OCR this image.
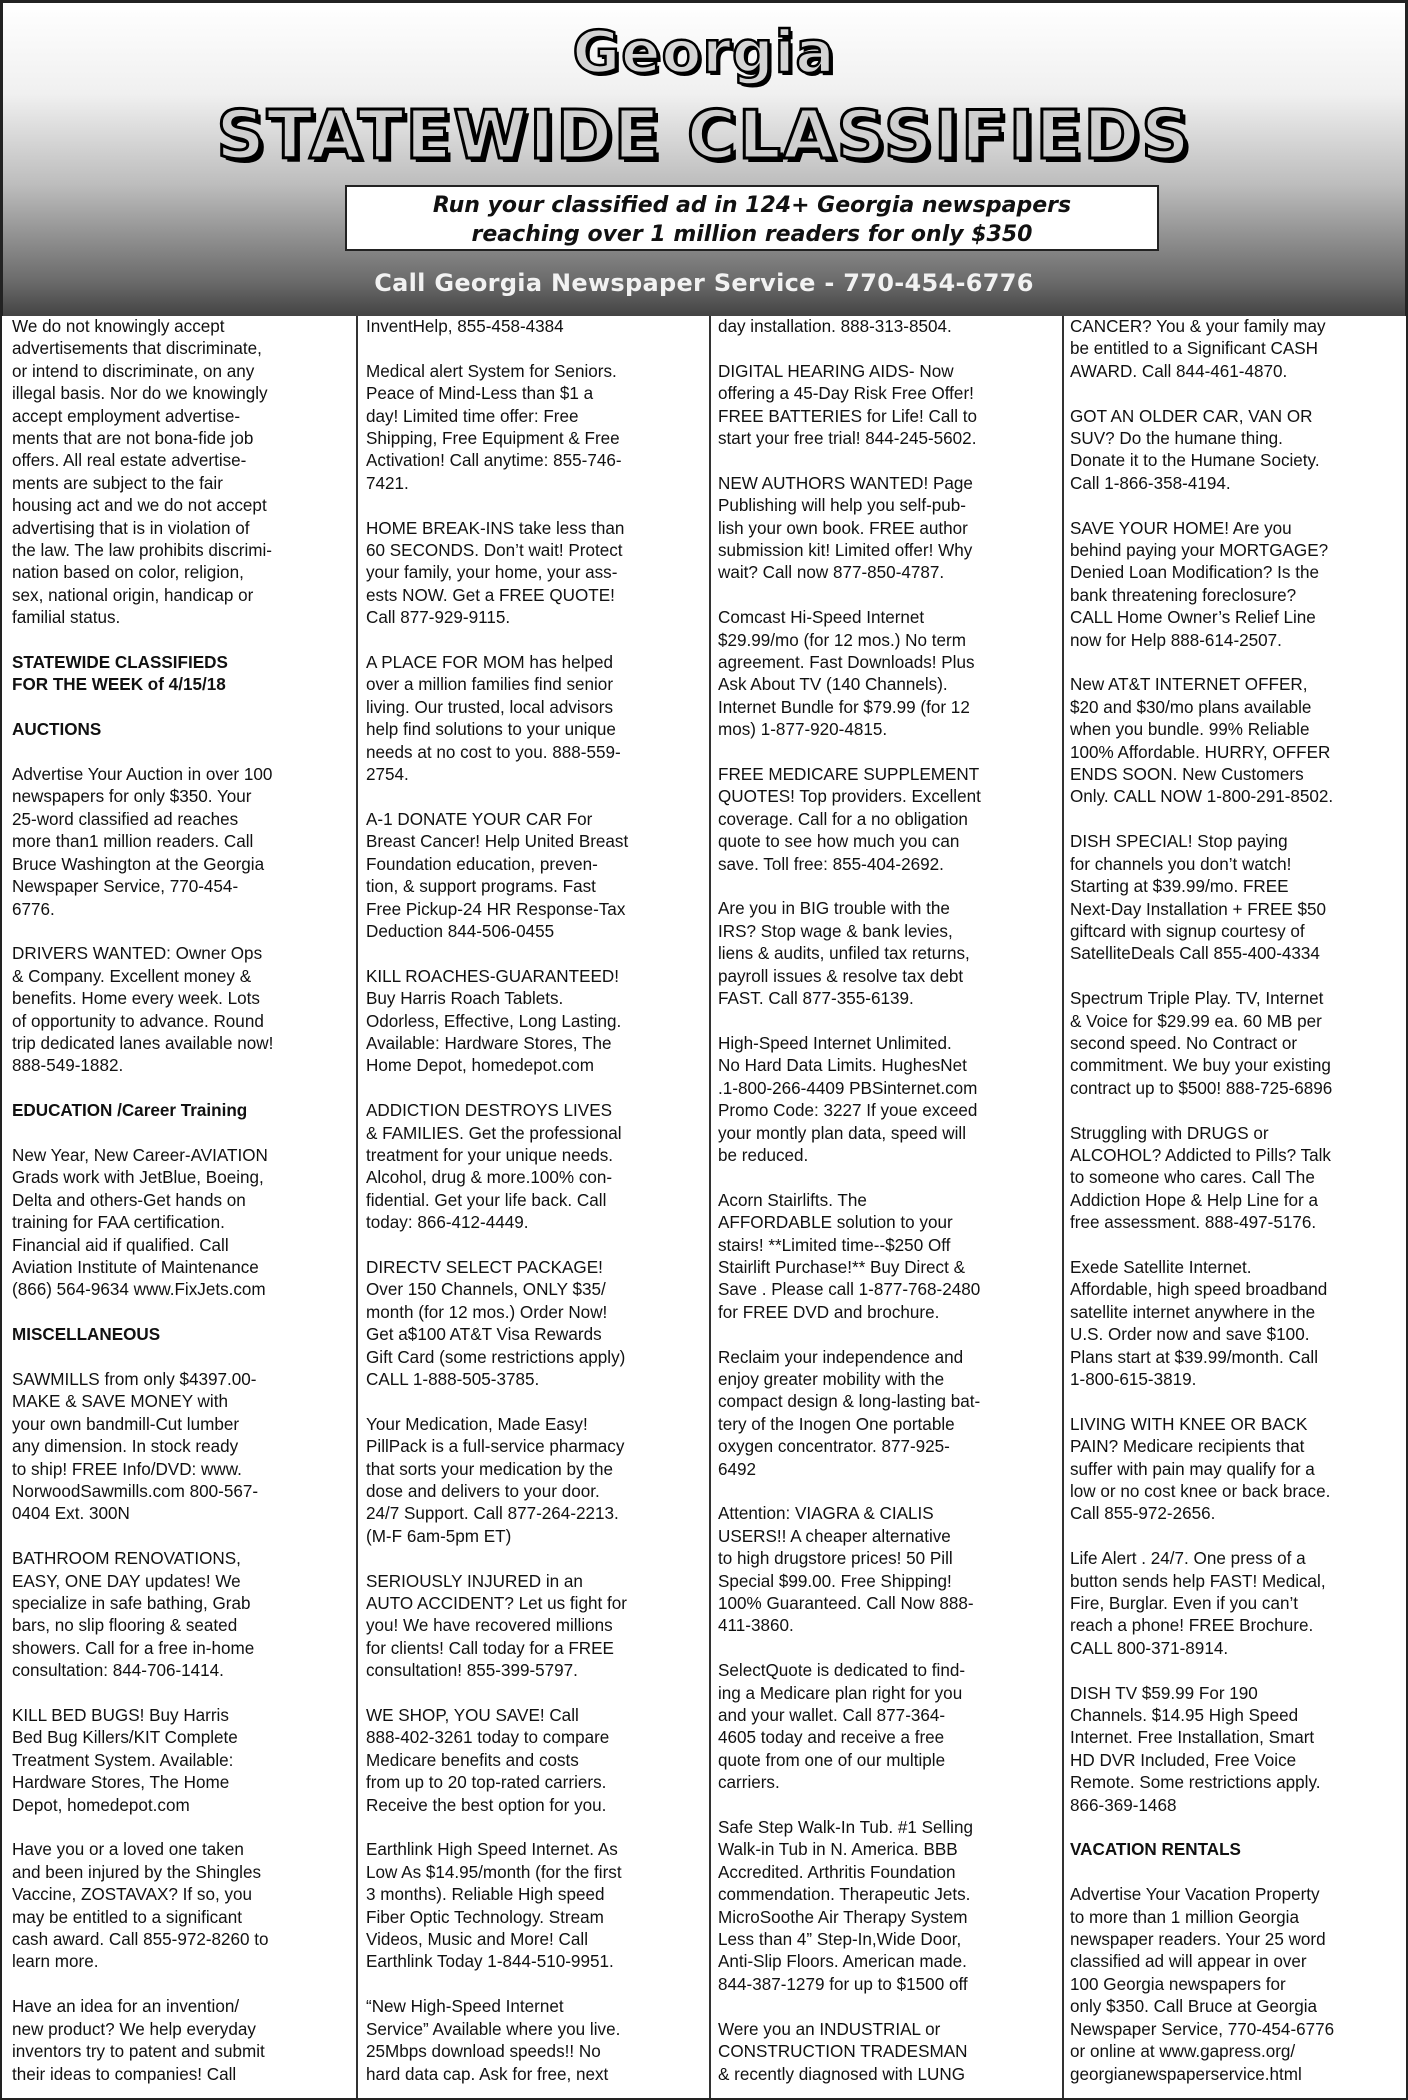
Georgia
STATEWIDE CLASSIFIEDS
Run your classified ad in 124+ Georgia newspapers
reaching over 1 million readers for only $350
Call Georgia Newspaper Service - 770-454-6776

We do not knowingly accept
advertisements that discriminate,
or intend to discriminate, on any
illegal basis. Nor do we knowingly
accept employment advertise-
ments that are not bona-fide job
offers. All real estate advertise-
ments are subject to the fair
housing act and we do not accept
advertising that is in violation of
the law. The law prohibits discrimi-
nation based on color, religion,
sex, national origin, handicap or
familial status.

STATEWIDE CLASSIFIEDS
FOR THE WEEK of 4/15/18

AUCTIONS

Advertise Your Auction in over 100
newspapers for only $350. Your
25-word classified ad reaches
more than1 million readers. Call
Bruce Washington at the Georgia
Newspaper Service, 770-454-
6776.

DRIVERS WANTED: Owner Ops
& Company. Excellent money &
benefits. Home every week. Lots
of opportunity to advance. Round
trip dedicated lanes available now!
888-549-1882.

EDUCATION /Career Training

New Year, New Career-AVIATION
Grads work with JetBlue, Boeing,
Delta and others-Get hands on
training for FAA certification.
Financial aid if qualified. Call
Aviation Institute of Maintenance
(866) 564-9634 www.FixJets.com

MISCELLANEOUS

SAWMILLS from only $4397.00-
MAKE & SAVE MONEY with
your own bandmill-Cut lumber
any dimension. In stock ready
to ship! FREE Info/DVD: www.
NorwoodSawmills.com 800-567-
0404 Ext. 300N

BATHROOM RENOVATIONS,
EASY, ONE DAY updates! We
specialize in safe bathing, Grab
bars, no slip flooring & seated
showers. Call for a free in-home
consultation: 844-706-1414.

KILL BED BUGS! Buy Harris
Bed Bug Killers/KIT Complete
Treatment System. Available:
Hardware Stores, The Home
Depot, homedepot.com

Have you or a loved one taken
and been injured by the Shingles
Vaccine, ZOSTAVAX? If so, you
may be entitled to a significant
cash award. Call 855-972-8260 to
learn more.

Have an idea for an invention/
new product? We help everyday
inventors try to patent and submit
their ideas to companies! Call

InventHelp, 855-458-4384

Medical alert System for Seniors.
Peace of Mind-Less than $1 a
day! Limited time offer: Free
Shipping, Free Equipment & Free
Activation! Call anytime: 855-746-
7421.

HOME BREAK-INS take less than
60 SECONDS. Don’t wait! Protect
your family, your home, your ass-
ests NOW. Get a FREE QUOTE!
Call 877-929-9115.

A PLACE FOR MOM has helped
over a million families find senior
living. Our trusted, local advisors
help find solutions to your unique
needs at no cost to you. 888-559-
2754.

A-1 DONATE YOUR CAR For
Breast Cancer! Help United Breast
Foundation education, preven-
tion, & support programs. Fast
Free Pickup-24 HR Response-Tax
Deduction 844-506-0455

KILL ROACHES-GUARANTEED!
Buy Harris Roach Tablets.
Odorless, Effective, Long Lasting.
Available: Hardware Stores, The
Home Depot, homedepot.com

ADDICTION DESTROYS LIVES
& FAMILIES. Get the professional
treatment for your unique needs.
Alcohol, drug & more.100% con-
fidential. Get your life back. Call
today: 866-412-4449.

DIRECTV SELECT PACKAGE!
Over 150 Channels, ONLY $35/
month (for 12 mos.) Order Now!
Get a$100 AT&T Visa Rewards
Gift Card (some restrictions apply)
CALL 1-888-505-3785.

Your Medication, Made Easy!
PillPack is a full-service pharmacy
that sorts your medication by the
dose and delivers to your door.
24/7 Support. Call 877-264-2213.
(M-F 6am-5pm ET)

SERIOUSLY INJURED in an
AUTO ACCIDENT? Let us fight for
you! We have recovered millions
for clients! Call today for a FREE
consultation! 855-399-5797.

WE SHOP, YOU SAVE! Call
888-402-3261 today to compare
Medicare benefits and costs
from up to 20 top-rated carriers.
Receive the best option for you.

Earthlink High Speed Internet. As
Low As $14.95/month (for the first
3 months). Reliable High speed
Fiber Optic Technology. Stream
Videos, Music and More! Call
Earthlink Today 1-844-510-9951.

“New High-Speed Internet
Service” Available where you live.
25Mbps download speeds!! No
hard data cap. Ask for free, next

day installation. 888-313-8504.

DIGITAL HEARING AIDS- Now
offering a 45-Day Risk Free Offer!
FREE BATTERIES for Life! Call to
start your free trial! 844-245-5602.

NEW AUTHORS WANTED! Page
Publishing will help you self-pub-
lish your own book. FREE author
submission kit! Limited offer! Why
wait? Call now 877-850-4787.

Comcast Hi-Speed Internet
$29.99/mo (for 12 mos.) No term
agreement. Fast Downloads! Plus
Ask About TV (140 Channels).
Internet Bundle for $79.99 (for 12
mos) 1-877-920-4815.

FREE MEDICARE SUPPLEMENT
QUOTES! Top providers. Excellent
coverage. Call for a no obligation
quote to see how much you can
save. Toll free: 855-404-2692.

Are you in BIG trouble with the
IRS? Stop wage & bank levies,
liens & audits, unfiled tax returns,
payroll issues & resolve tax debt
FAST. Call 877-355-6139.

High-Speed Internet Unlimited.
No Hard Data Limits. HughesNet
.1-800-266-4409 PBSinternet.com
Promo Code: 3227 If youe exceed
your montly plan data, speed will
be reduced.

Acorn Stairlifts. The
AFFORDABLE solution to your
stairs! **Limited time--$250 Off
Stairlift Purchase!** Buy Direct &
Save . Please call 1-877-768-2480
for FREE DVD and brochure.

Reclaim your independence and
enjoy greater mobility with the
compact design & long-lasting bat-
tery of the Inogen One portable
oxygen concentrator. 877-925-
6492

Attention: VIAGRA & CIALIS
USERS!! A cheaper alternative
to high drugstore prices! 50 Pill
Special $99.00. Free Shipping!
100% Guaranteed. Call Now 888-
411-3860.

SelectQuote is dedicated to find-
ing a Medicare plan right for you
and your wallet. Call 877-364-
4605 today and receive a free
quote from one of our multiple
carriers.

Safe Step Walk-In Tub. #1 Selling
Walk-in Tub in N. America. BBB
Accredited. Arthritis Foundation
commendation. Therapeutic Jets.
MicroSoothe Air Therapy System
Less than 4” Step-In,Wide Door,
Anti-Slip Floors. American made.
844-387-1279 for up to $1500 off

Were you an INDUSTRIAL or
CONSTRUCTION TRADESMAN
& recently diagnosed with LUNG

CANCER? You & your family may
be entitled to a Significant CASH
AWARD. Call 844-461-4870.

GOT AN OLDER CAR, VAN OR
SUV? Do the humane thing.
Donate it to the Humane Society.
Call 1-866-358-4194.

SAVE YOUR HOME! Are you
behind paying your MORTGAGE?
Denied Loan Modification? Is the
bank threatening foreclosure?
CALL Home Owner’s Relief Line
now for Help 888-614-2507.

New AT&T INTERNET OFFER,
$20 and $30/mo plans available
when you bundle. 99% Reliable
100% Affordable. HURRY, OFFER
ENDS SOON. New Customers
Only. CALL NOW 1-800-291-8502.

DISH SPECIAL! Stop paying
for channels you don’t watch!
Starting at $39.99/mo. FREE
Next-Day Installation + FREE $50
giftcard with signup courtesy of
SatelliteDeals Call 855-400-4334

Spectrum Triple Play. TV, Internet
& Voice for $29.99 ea. 60 MB per
second speed. No Contract or
commitment. We buy your existing
contract up to $500! 888-725-6896

Struggling with DRUGS or
ALCOHOL? Addicted to Pills? Talk
to someone who cares. Call The
Addiction Hope & Help Line for a
free assessment. 888-497-5176.

Exede Satellite Internet.
Affordable, high speed broadband
satellite internet anywhere in the
U.S. Order now and save $100.
Plans start at $39.99/month. Call
1-800-615-3819.

LIVING WITH KNEE OR BACK
PAIN? Medicare recipients that
suffer with pain may qualify for a
low or no cost knee or back brace.
Call 855-972-2656.

Life Alert . 24/7. One press of a
button sends help FAST! Medical,
Fire, Burglar. Even if you can’t
reach a phone! FREE Brochure.
CALL 800-371-8914.

DISH TV $59.99 For 190
Channels. $14.95 High Speed
Internet. Free Installation, Smart
HD DVR Included, Free Voice
Remote. Some restrictions apply.
866-369-1468

VACATION RENTALS

Advertise Your Vacation Property
to more than 1 million Georgia
newspaper readers. Your 25 word
classified ad will appear in over
100 Georgia newspapers for
only $350. Call Bruce at Georgia
Newspaper Service, 770-454-6776
or online at www.gapress.org/
georgianewspaperservice.html
